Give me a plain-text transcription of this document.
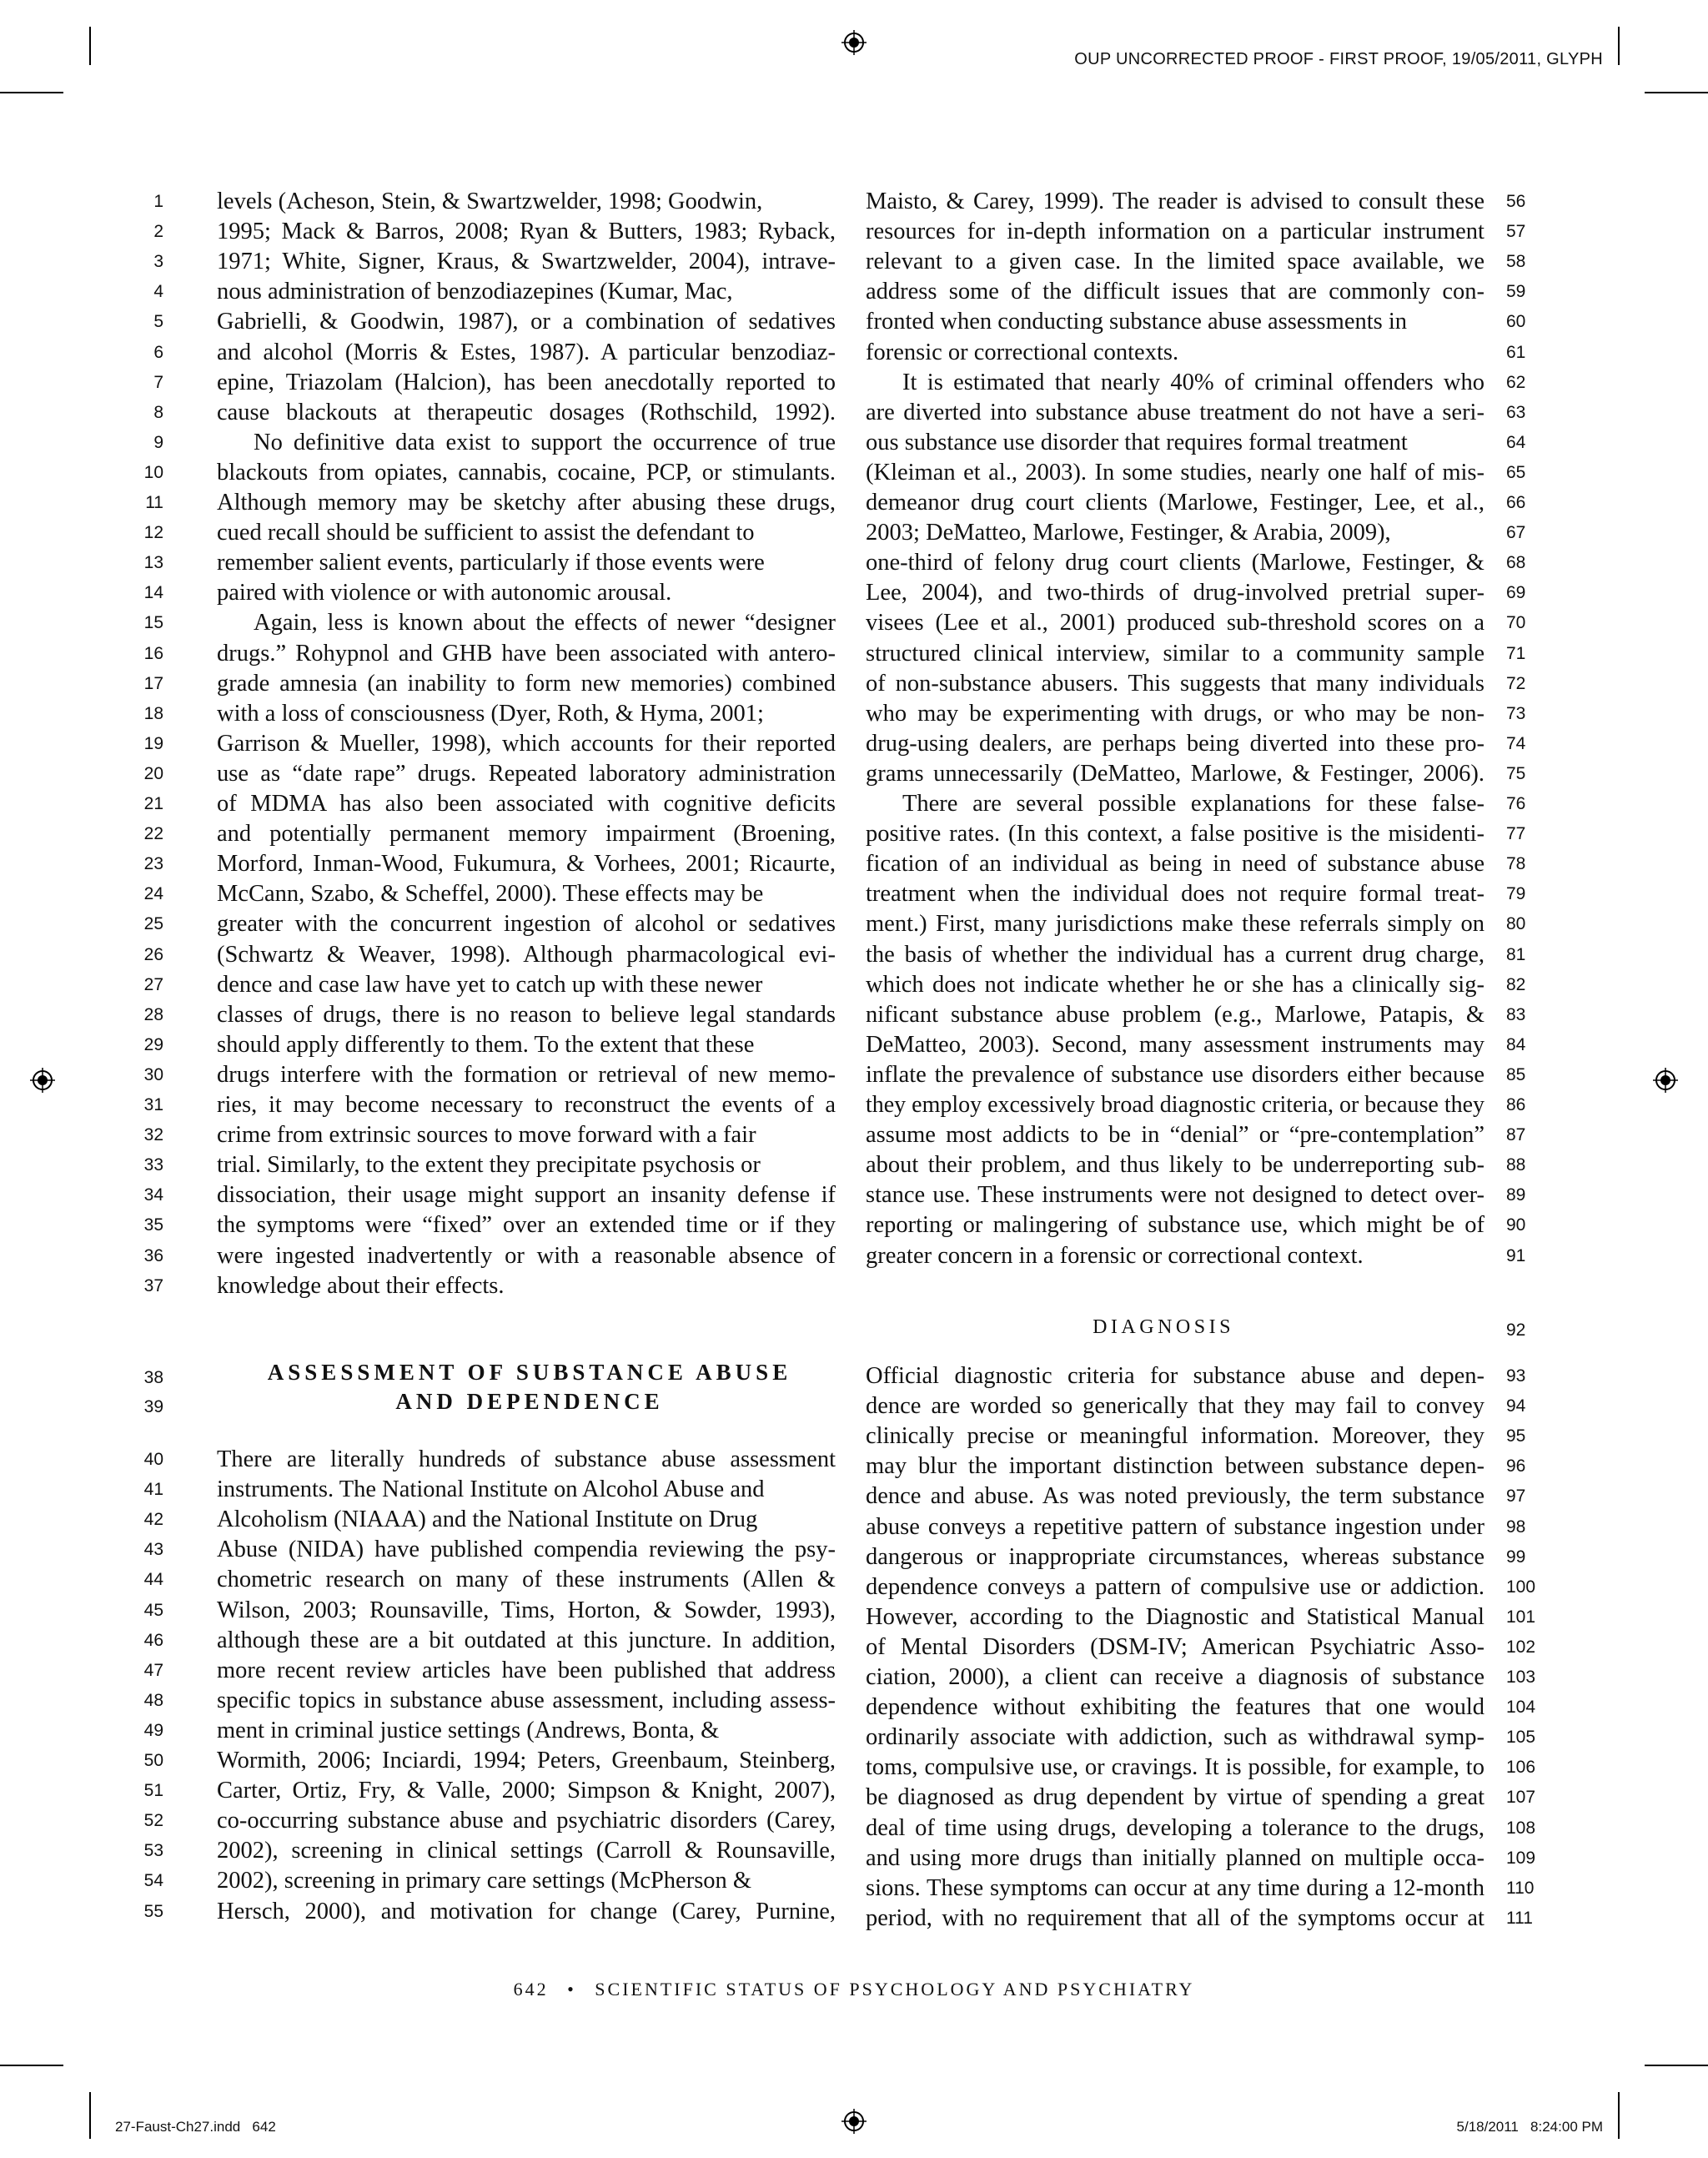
OUP UNCORRECTED PROOF - FIRST PROOF, 19/05/2011, GLYPH
1 levels (Acheson, Stein, & Swartzwelder, 1998; Goodwin,
2 1995; Mack & Barros, 2008; Ryan & Butters, 1983; Ryback,
3 1971; White, Signer, Kraus, & Swartzwelder, 2004), intrave-
4 nous administration of benzodiazepines (Kumar, Mac,
5 Gabrielli, & Goodwin, 1987), or a combination of sedatives
6 and alcohol (Morris & Estes, 1987). A particular benzodiaz-
7 epine, Triazolam (Halcion), has been anecdotally reported to
8 cause blackouts at therapeutic dosages (Rothschild, 1992).
9	No definitive data exist to support the occurrence of true
10 blackouts from opiates, cannabis, cocaine, PCP, or stimulants.
11 Although memory may be sketchy after abusing these drugs,
12 cued recall should be sufficient to assist the defendant to
13 remember salient events, particularly if those events were
14 paired with violence or with autonomic arousal.
15	Again, less is known about the effects of newer “designer
16 drugs.” Rohypnol and GHB have been associated with antero-
17 grade amnesia (an inability to form new memories) combined
18 with a loss of consciousness (Dyer, Roth, & Hyma, 2001;
19 Garrison & Mueller, 1998), which accounts for their reported
20 use as “date rape” drugs. Repeated laboratory administration
21 of MDMA has also been associated with cognitive deficits
22 and potentially permanent memory impairment (Broening,
23 Morford, Inman-Wood, Fukumura, & Vorhees, 2001; Ricaurte,
24 McCann, Szabo, & Scheffel, 2000). These effects may be
25 greater with the concurrent ingestion of alcohol or sedatives
26 (Schwartz & Weaver, 1998). Although pharmacological evi-
27 dence and case law have yet to catch up with these newer
28 classes of drugs, there is no reason to believe legal standards
29 should apply differently to them. To the extent that these
30 drugs interfere with the formation or retrieval of new memo-
31 ries, it may become necessary to reconstruct the events of a
32 crime from extrinsic sources to move forward with a fair
33 trial. Similarly, to the extent they precipitate psychosis or
34 dissociation, their usage might support an insanity defense if
35 the symptoms were “fixed” over an extended time or if they
36 were ingested inadvertently or with a reasonable absence of
37 knowledge about their effects.
40 There are literally hundreds of substance abuse assessment
41 instruments. The National Institute on Alcohol Abuse and
42 Alcoholism (NIAAA) and the National Institute on Drug
43 Abuse (NIDA) have published compendia reviewing the psy-
44 chometric research on many of these instruments (Allen &
45 Wilson, 2003; Rounsaville, Tims, Horton, & Sowder, 1993),
46 although these are a bit outdated at this juncture. In addition,
47 more recent review articles have been published that address
48 specific topics in substance abuse assessment, including assess-
49 ment in criminal justice settings (Andrews, Bonta, &
50 Wormith, 2006; Inciardi, 1994; Peters, Greenbaum, Steinberg,
51 Carter, Ortiz, Fry, & Valle, 2000; Simpson & Knight, 2007),
52 co-occurring substance abuse and psychiatric disorders (Carey,
53 2002), screening in clinical settings (Carroll & Rounsaville,
54 2002), screening in primary care settings (McPherson &
55 Hersch, 2000), and motivation for change (Carey, Purnine,
56
Maisto, & Carey, 1999). The reader is advised to consult these
57
resources for in-depth information on a particular instrument
58
relevant to a given case. In the limited space available, we
59
address some of the difficult issues that are commonly con-
60
fronted when conducting substance abuse assessments in
61
forensic or correctional contexts.
62
It is estimated that nearly 40% of criminal offenders who
63
are diverted into substance abuse treatment do not have a seri-
64
ous substance use disorder that requires formal treatment
65
(Kleiman et al., 2003). In some studies, nearly one half of mis-
66
demeanor drug court clients (Marlowe, Festinger, Lee, et al.,
67
2003; DeMatteo, Marlowe, Festinger, & Arabia, 2009),
68
one-third of felony drug court clients (Marlowe, Festinger, &
69
Lee, 2004), and two-thirds of drug-involved pretrial super-
70
visees (Lee et al., 2001) produced sub-threshold scores on a
71
structured clinical interview, similar to a community sample
72
of non-substance abusers. This suggests that many individuals
73
who may be experimenting with drugs, or who may be non-
74
drug-using dealers, are perhaps being diverted into these pro-
75
grams unnecessarily (DeMatteo, Marlowe, & Festinger, 2006).
76
There are several possible explanations for these false-
77
positive rates. (In this context, a false positive is the misidenti-
78
fication of an individual as being in need of substance abuse
79
treatment when the individual does not require formal treat-
80
ment.) First, many jurisdictions make these referrals simply on
81
the basis of whether the individual has a current drug charge,
82
which does not indicate whether he or she has a clinically sig-
83
nificant substance abuse problem (e.g., Marlowe, Patapis, &
84
DeMatteo, 2003). Second, many assessment instruments may
85
inflate the prevalence of substance use disorders either because
86
they employ excessively broad diagnostic criteria, or because they
87
assume most addicts to be in “denial” or “pre-contemplation”
88
about their problem, and thus likely to be underreporting sub-
89
stance use. These instruments were not designed to detect over-
90
reporting or malingering of substance use, which might be of
91
greater concern in a forensic or correctional context.
93
Official diagnostic criteria for substance abuse and depen-
94
dence are worded so generically that they may fail to convey
95
clinically precise or meaningful information. Moreover, they
96
may blur the important distinction between substance depen-
97
dence and abuse. As was noted previously, the term substance
98
abuse conveys a repetitive pattern of substance ingestion under
99
dangerous or inappropriate circumstances, whereas substance
100
dependence conveys a pattern of compulsive use or addiction.
101
However, according to the Diagnostic and Statistical Manual
102
of Mental Disorders (DSM-IV; American Psychiatric Asso-
103
ciation, 2000), a client can receive a diagnosis of substance
104
dependence without exhibiting the features that one would
105
ordinarily associate with addiction, such as withdrawal symp-
106
toms, compulsive use, or cravings. It is possible, for example, to
107
be diagnosed as drug dependent by virtue of spending a great
108
deal of time using drugs, developing a tolerance to the drugs,
109
and using more drugs than initially planned on multiple occa-
110
sions. These symptoms can occur at any time during a 12-month
111
period, with no requirement that all of the symptoms occur at
38	ASSESSMENT OF SUBSTANCE ABUSE
39	AND DEPENDENCE
DIAGNOSIS	92
642 • SCIENTIFIC STATUS OF PSYCHOLOGY AND PSYCHIATRY
27-Faust-Ch27.indd   642	5/18/2011   8:24:00 PM
